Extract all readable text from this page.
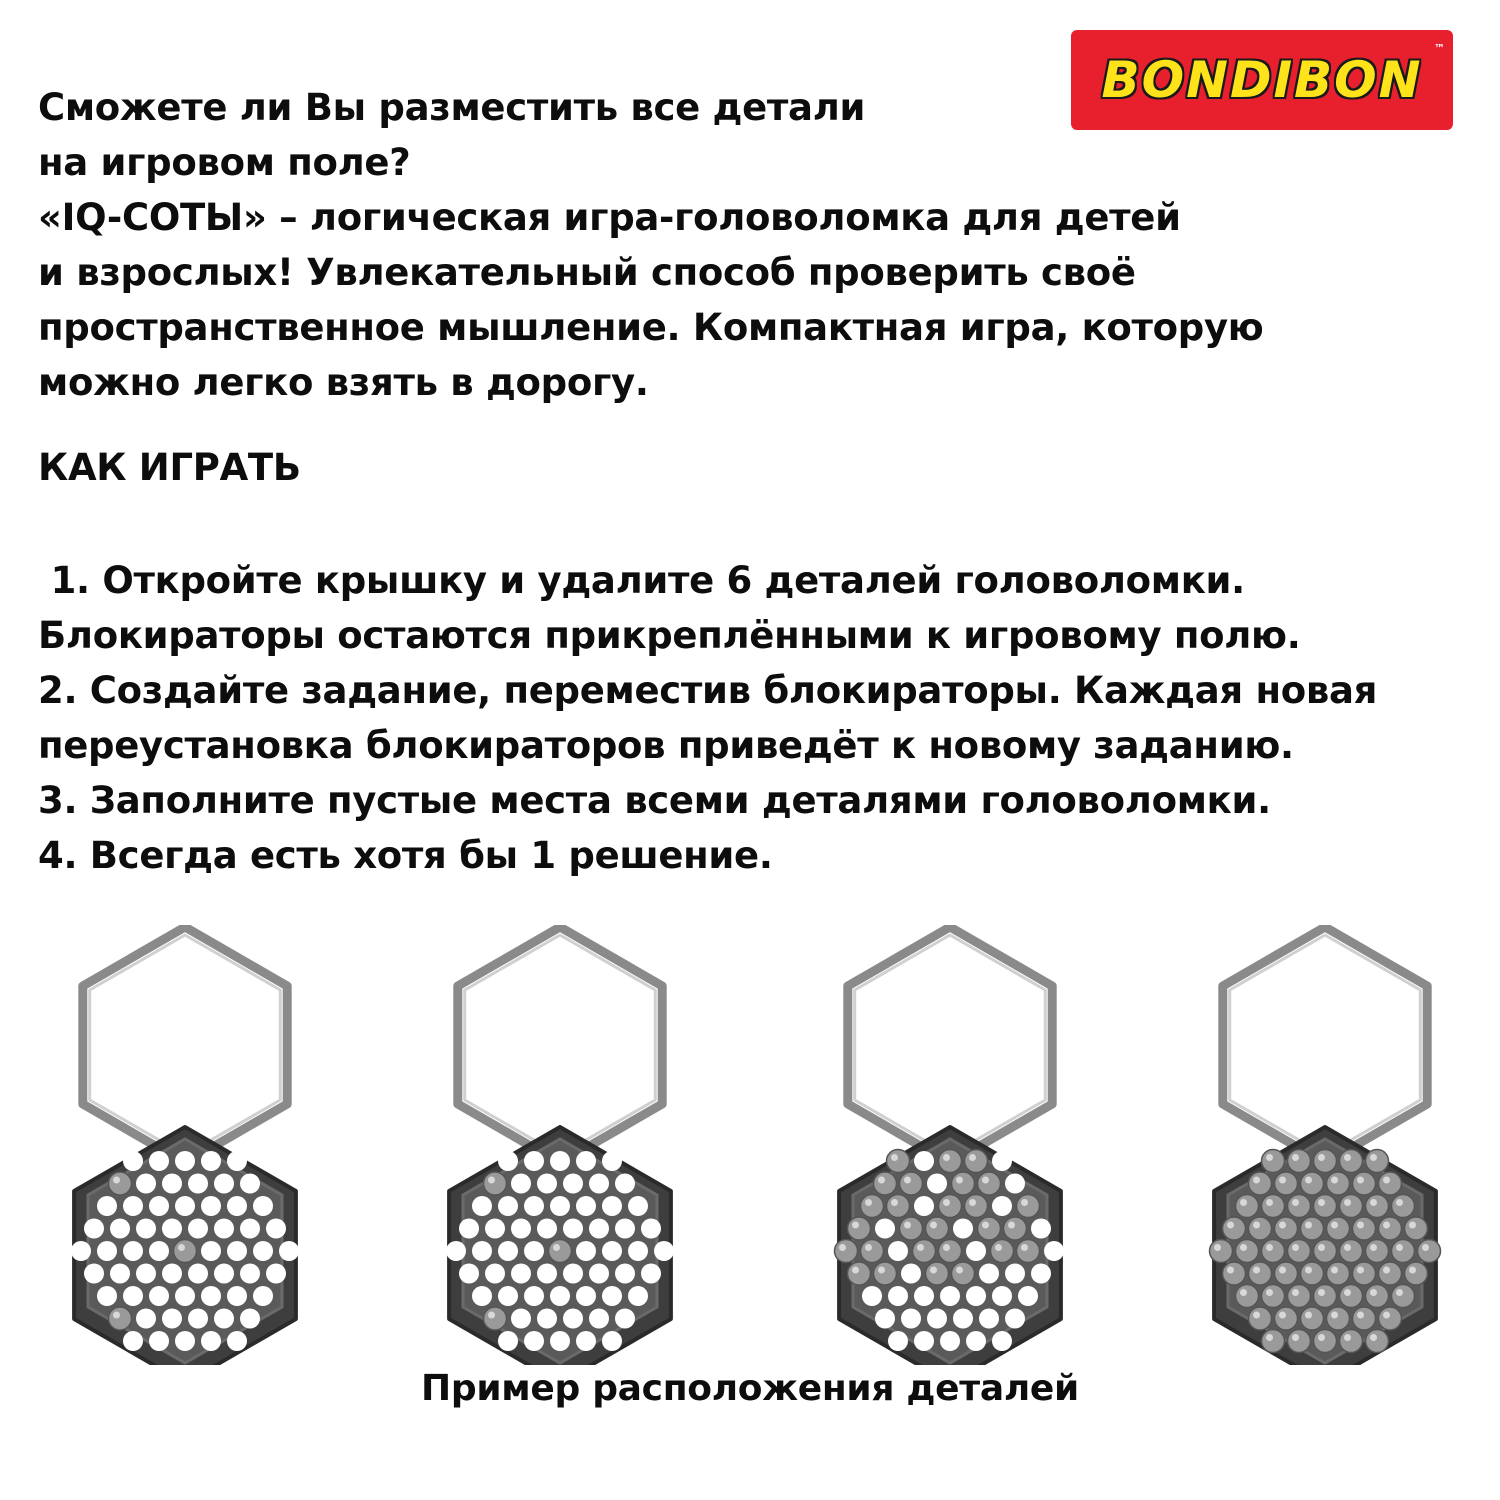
BONDIBON
™
Сможете ли Вы разместить все детали
на игровом поле?
«IQ-СОТЫ» – логическая игра-головоломка для детей
и взрослых! Увлекательный способ проверить своё
пространственное мышление. Компактная игра, которую
можно легко взять в дорогу.
КАК ИГРАТЬ
1. Откройте крышку и удалите 6 деталей головоломки.
Блокираторы остаются прикреплёнными к игровому полю.
2. Создайте задание, переместив блокираторы. Каждая новая
переустановка блокираторов приведёт к новому заданию.
3. Заполните пустые места всеми деталями головоломки.
4. Всегда есть хотя бы 1 решение.
Пример расположения деталей
